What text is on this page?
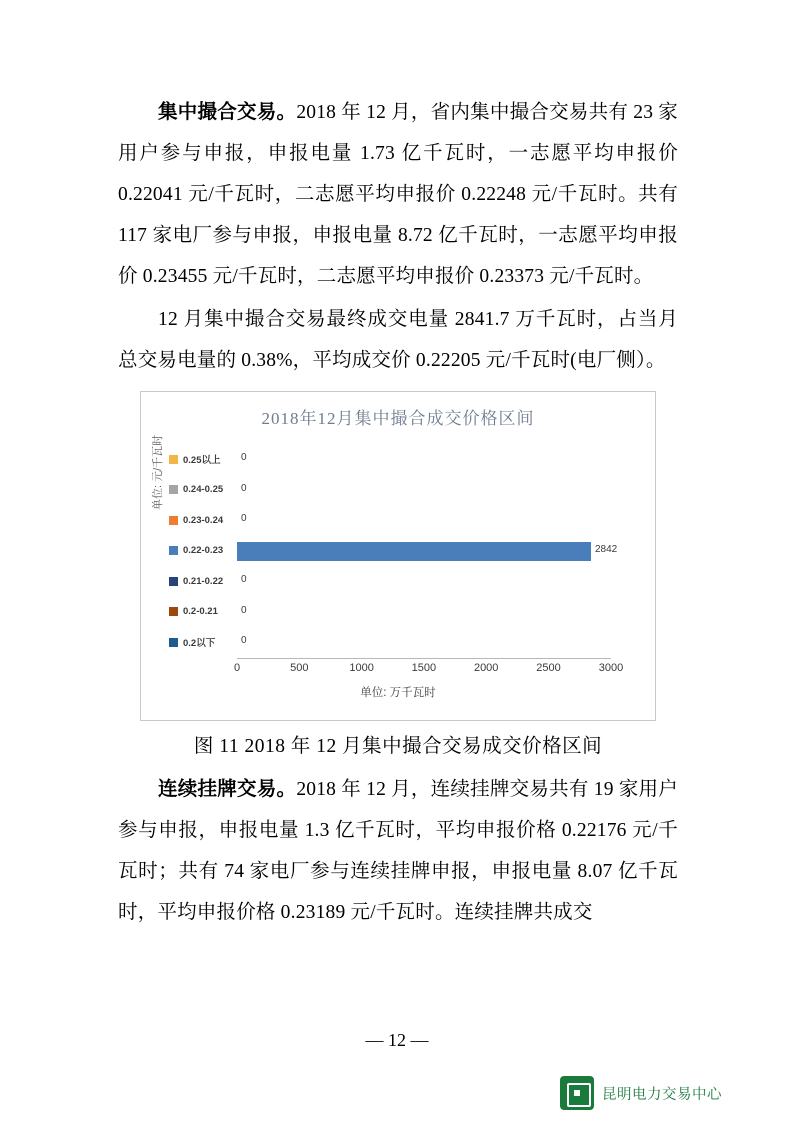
集中撮合交易。2018 年 12 月，省内集中撮合交易共有 23 家用户参与申报，申报电量 1.73 亿千瓦时，一志愿平均申报价 0.22041 元/千瓦时，二志愿平均申报价 0.22248 元/千瓦时。共有 117 家电厂参与申报，申报电量 8.72 亿千瓦时，一志愿平均申报价 0.23455 元/千瓦时，二志愿平均申报价 0.23373 元/千瓦时。

12 月集中撮合交易最终成交电量 2841.7 万千瓦时，占当月总交易电量的 0.38%，平均成交价 0.22205 元/千瓦时(电厂侧）。

2018年12月集中撮合成交价格区间
单位: 元/千瓦时 0.25以上
0.24-0.25
0.23-0.24
0.22-0.23
0.21-0.22
0.2-0.21
0.2以下
0
0
0
2842
0
0
0
0	500	1000	1500	2000	2500	3000
单位: 万千瓦时

图 11 2018 年 12 月集中撮合交易成交价格区间

连续挂牌交易。2018 年 12 月，连续挂牌交易共有 19 家用户参与申报，申报电量 1.3 亿千瓦时，平均申报价格 0.22176 元/千瓦时；共有 74 家电厂参与连续挂牌申报，申报电量 8.07 亿千瓦时，平均申报价格 0.23189 元/千瓦时。连续挂牌共成交

— 12 —
昆明电力交易中心
